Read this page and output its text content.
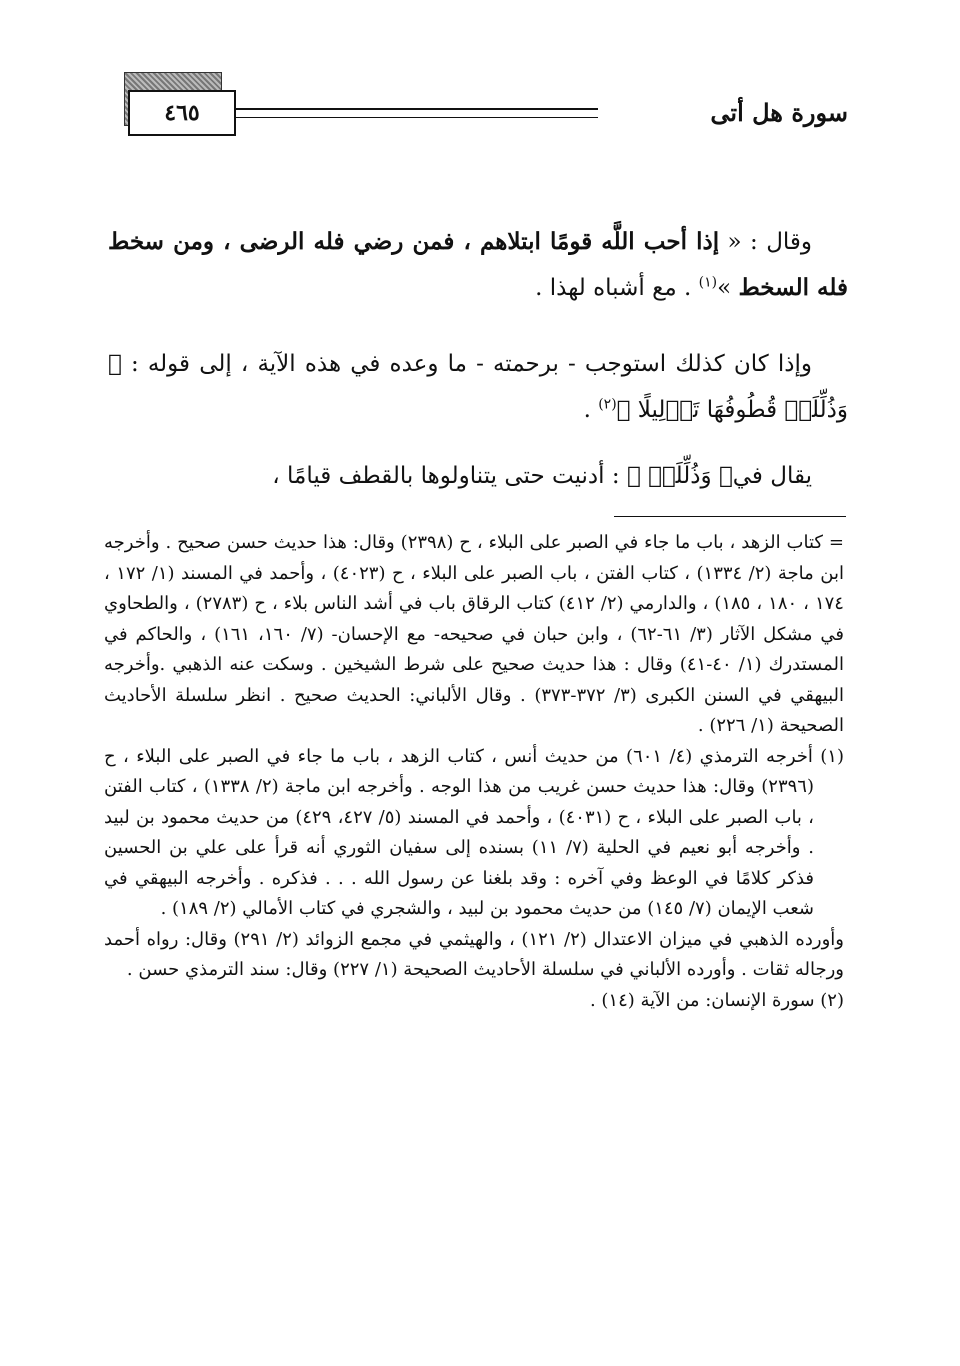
٤٦٥	سورة هل أتى

وقال : « إذا أحب اللَّه قومًا ابتلاهم ، فمن رضي فله الرضى ، ومن سخط فله السخط »$^{(١)}$ . مع أشباه لهذا .

وإذا كان كذلك استوجب - برحمته - ما وعده في هذه الآية ، إلى قوله : ﴿ وَذُلِّلَتۡ قُطُوفُهَا تَذۡلِيلًا ﴾$^{(٢)}$ .

يقال في﴿ وَذُلِّلَتۡ ﴾ : أدنيت حتى يتناولوها بالقطف قيامًا ،

= كتاب الزهد ، باب ما جاء في الصبر على البلاء ، ح (٢٣٩٨) وقال: هذا حديث حسن صحيح . وأخرجه ابن ماجة (٢/ ١٣٣٤) ، كتاب الفتن ، باب الصبر على البلاء ، ح (٤٠٢٣) ، وأحمد في المسند (١/ ١٧٢ ، ١٧٤ ، ١٨٠ ، ١٨٥) ، والدارمي (٢/ ٤١٢) كتاب الرقاق باب في أشد الناس بلاء ، ح (٢٧٨٣) ، والطحاوي في مشكل الآثار (٣/ ٦١-٦٢) ، وابن حبان في صحيحه- مع الإحسان- (٧/ ١٦٠، ١٦١) ، والحاكم في المستدرك (١/ ٤٠-٤١) وقال : هذا حديث صحيح على شرط الشيخين . وسكت عنه الذهبي .وأخرجه البيهقي في السنن الكبرى (٣/ ٣٧٢-٣٧٣) . وقال الألباني: الحديث صحيح . انظر سلسلة الأحاديث الصحيحة (١/ ٢٢٦) .

(١) أخرجه الترمذي (٤/ ٦٠١) من حديث أنس ، كتاب الزهد ، باب ما جاء في الصبر على البلاء ، ح (٢٣٩٦) وقال: هذا حديث حسن غريب من هذا الوجه . وأخرجه ابن ماجة (٢/ ١٣٣٨) ، كتاب الفتن ، باب الصبر على البلاء ، ح (٤٠٣١) ، وأحمد في المسند (٥/ ٤٢٧، ٤٢٩) من حديث محمود بن لبيد . وأخرجه أبو نعيم في الحلية (٧/ ١١) بسنده إلى سفيان الثوري أنه قرأ على علي بن الحسين فذكر كلامًا في الوعظ وفي آخره : وقد بلغنا عن رسول الله . . . فذكره . وأخرجه البيهقي في شعب الإيمان (٧/ ١٤٥) من حديث محمود بن لبيد ، والشجري في كتاب الأمالي (٢/ ١٨٩) .

وأورده الذهبي في ميزان الاعتدال (٢/ ١٢١) ، والهيثمي في مجمع الزوائد (٢/ ٢٩١) وقال: رواه أحمد ورجاله ثقات . وأورده الألباني في سلسلة الأحاديث الصحيحة (١/ ٢٢٧) وقال: سند الترمذي حسن .

(٢) سورة الإنسان: من الآية (١٤) .
